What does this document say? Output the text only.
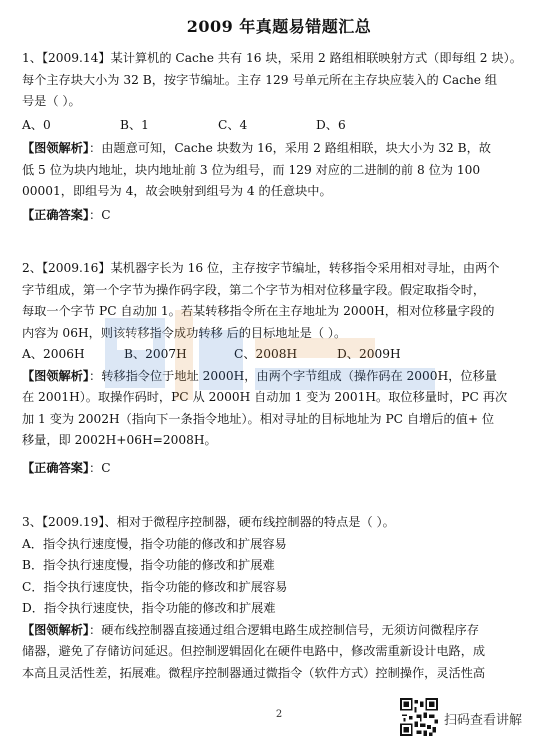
2009 年真题易错题汇总
1、【2009.14】某计算机的 Cache 共有 16 块，采用 2 路组相联映射方式（即每组 2 块）。
每个主存块大小为 32 B，按字节编址。主存 129 号单元所在主存块应装入的 Cache 组
号是（ ）。
A、0	B、1	C、4	D、6
【图领解析】：由题意可知，Cache 块数为 16，采用 2 路组相联，块大小为 32 B，故
低 5 位为块内地址，块内地址前 3 位为组号，而 129 对应的二进制的前 8 位为 100
00001，即组号为 4，故会映射到组号为 4 的任意块中。
【正确答案】：C
2、【2009.16】某机器字长为 16 位，主存按字节编址，转移指令采用相对寻址，由两个
字节组成，第一个字节为操作码字段，第二个字节为相对位移量字段。假定取指令时，
每取一个字节 PC 自动加 1。若某转移指令所在主存地址为 2000H，相对位移量字段的
内容为 06H，则该转移指令成功转移 后的目标地址是（ ）。
A、2006H	B、2007H	C、2008H	D、2009H
【图领解析】：转移指令位于地址 2000H，由两个字节组成（操作码在 2000H，位移量
在 2001H）。取操作码时，PC 从 2000H 自动加 1 变为 2001H。取位移量时，PC 再次
加 1 变为 2002H（指向下一条指令地址）。相对寻址的目标地址为 PC 自增后的值+ 位
移量，即 2002H+06H=2008H。
【正确答案】：C
3、【2009.19】、相对于微程序控制器，硬布线控制器的特点是（ ）。
A．指令执行速度慢，指令功能的修改和扩展容易
B．指令执行速度慢，指令功能的修改和扩展难
C．指令执行速度快，指令功能的修改和扩展容易
D．指令执行速度快，指令功能的修改和扩展难
【图领解析】：硬布线控制器直接通过组合逻辑电路生成控制信号，无须访问微程序存
储器，避免了存储访问延迟。但控制逻辑固化在硬件电路中，修改需重新设计电路，成
本高且灵活性差，拓展难。微程序控制器通过微指令（软件方式）控制操作，灵活性高
2	扫码查看讲解
